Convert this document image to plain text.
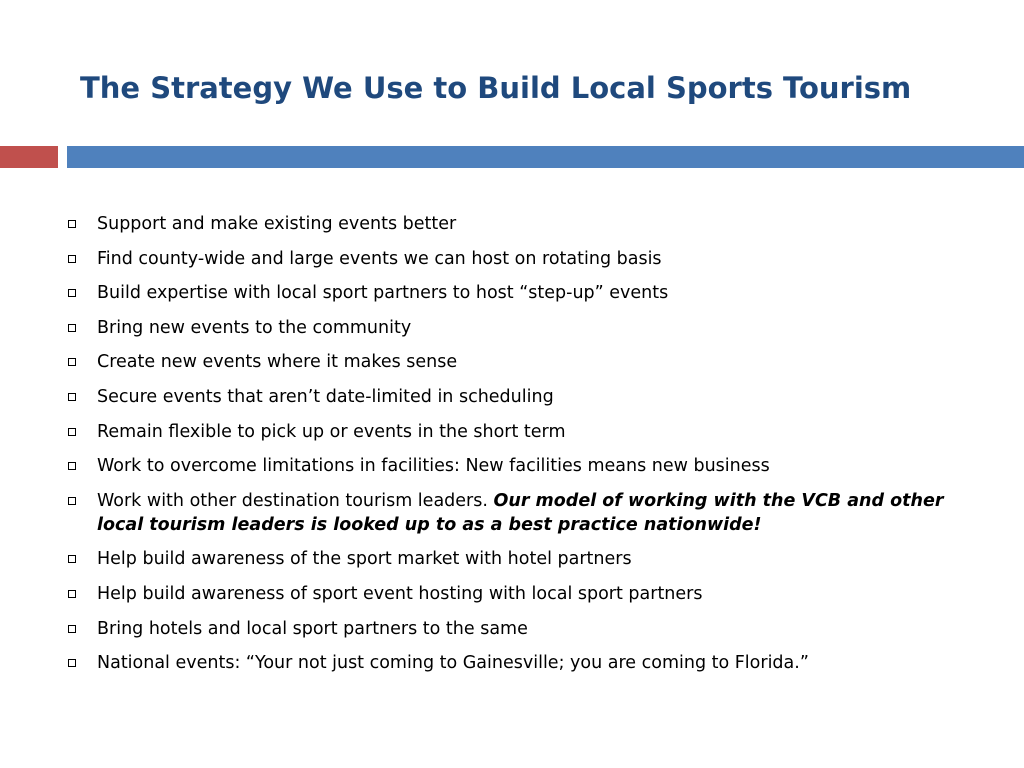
The Strategy We Use to Build Local Sports Tourism
Support and make existing events better
Find county-wide and large events we can host on rotating basis
Build expertise with local sport partners to host “step-up” events
Bring new events to the community
Create new events where it makes sense
Secure events that aren’t date-limited in scheduling
Remain flexible to pick up or events in the short term
Work to overcome limitations in facilities: New facilities means new business
Work with other destination tourism leaders. Our model of working with the VCB and other local tourism leaders is looked up to as a best practice nationwide!
Help build awareness of the sport market with hotel partners
Help build awareness of sport event hosting with local sport partners
Bring hotels and local sport partners to the same
National events: “Your not just coming to Gainesville; you are coming to Florida.”
